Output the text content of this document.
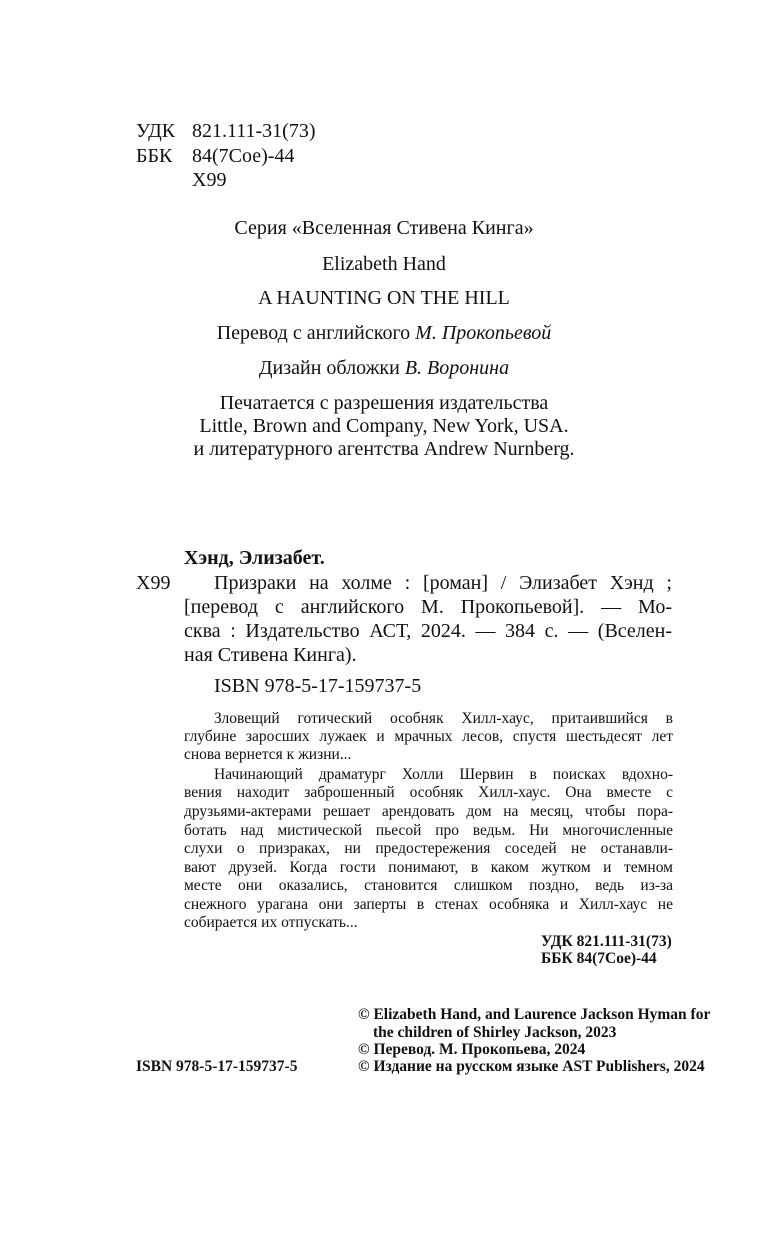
УДК 821.111-31(73)
ББК 84(7Сое)-44
Х99
Серия «Вселенная Стивена Кинга»
Elizabeth Hand
A HAUNTING ON THE HILL
Перевод с английского М. Прокопьевой
Дизайн обложки В. Воронина
Печатается с разрешения издательства
Little, Brown and Company, New York, USA.
и литературного агентства Andrew Nurnberg.
Хэнд, Элизабет.
Х99 Призраки на холме : [роман] / Элизабет Хэнд ;
[перевод с английского М. Прокопьевой]. — Мо-
сква : Издательство АСТ, 2024. — 384 с. — (Вселен-
ная Стивена Кинга).
ISBN 978-5-17-159737-5
Зловещий готический особняк Хилл-хаус, притаившийся в
глубине заросших лужаек и мрачных лесов, спустя шестьдесят лет
снова вернется к жизни...
Начинающий драматург Холли Шервин в поисках вдохно-
вения находит заброшенный особняк Хилл-хаус. Она вместе с
друзьями-актерами решает арендовать дом на месяц, чтобы пора-
ботать над мистической пьесой про ведьм. Ни многочисленные
слухи о призраках, ни предостережения соседей не останавли-
вают друзей. Когда гости понимают, в каком жутком и темном
месте они оказались, становится слишком поздно, ведь из-за
снежного урагана они заперты в стенах особняка и Хилл-хаус не
собирается их отпускать...
УДК 821.111-31(73)
ББК 84(7Сое)-44
© Elizabeth Hand, and Laurence Jackson Hyman for
the children of Shirley Jackson, 2023
© Перевод. М. Прокопьева, 2024
ISBN 978-5-17-159737-5	© Издание на русском языке AST Publishers, 2024
